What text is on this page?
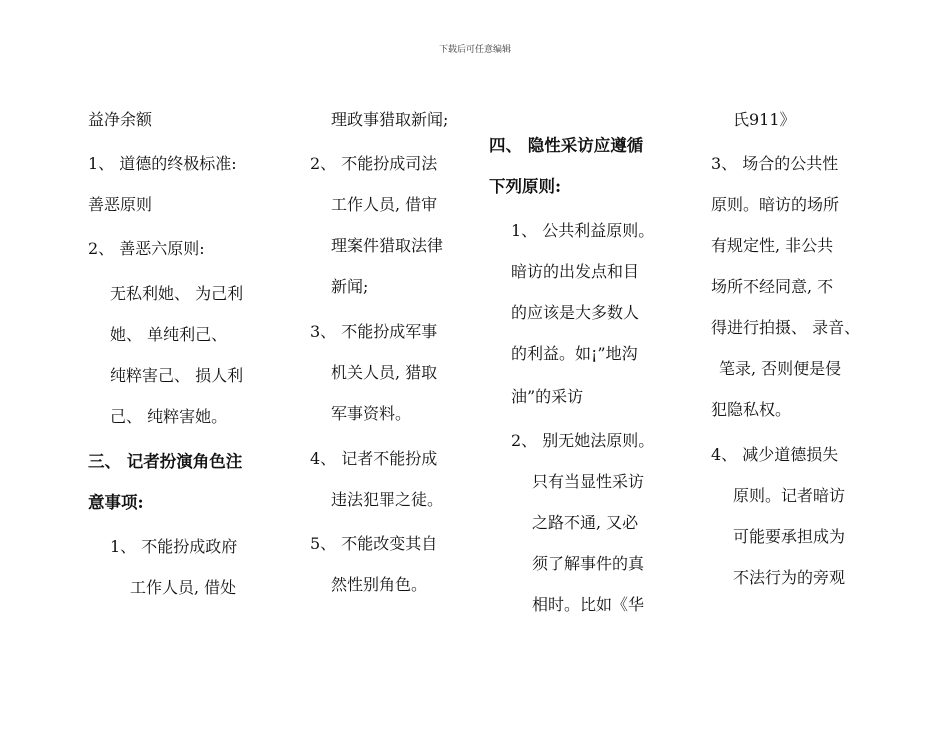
下载后可任意编辑
益净余额
1、 道德的终极标准:
善恶原则
2、 善恶六原则:
无私利她、 为己利
她、 单纯利己、
纯粹害己、 损人利
己、 纯粹害她。
三、 记者扮演角色注
意事项:
1、 不能扮成政府
工作人员, 借处
理政事猎取新闻;
2、 不能扮成司法
工作人员, 借审
理案件猎取法律
新闻;
3、 不能扮成军事
机关人员, 猎取
军事资料。
4、 记者不能扮成
违法犯罪之徒。
5、 不能改变其自
然性别角色。
四、 隐性采访应遵循
下列原则:
1、 公共利益原则。
暗访的出发点和目
的应该是大多数人
的利益。如¡”地沟
油”的采访
2、 别无她法原则。
只有当显性采访
之路不通, 又必
须了解事件的真
相时。比如《华
氏911》
3、 场合的公共性
原则。暗访的场所
有规定性, 非公共
场所不经同意, 不
得进行拍摄、 录音、
笔录, 否则便是侵
犯隐私权。
4、 减少道德损失
原则。记者暗访
可能要承担成为
不法行为的旁观
